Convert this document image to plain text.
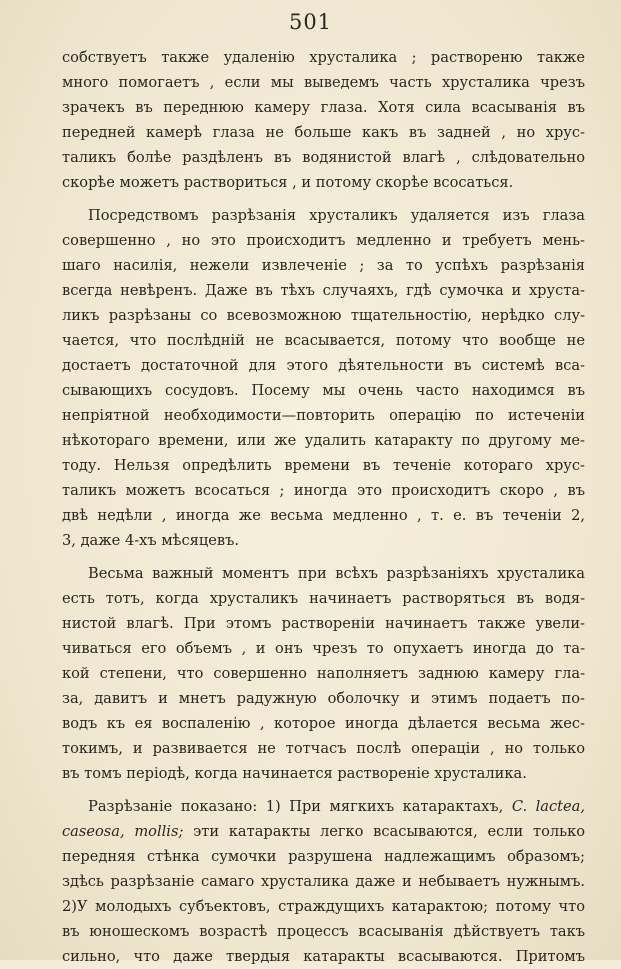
501
собствуетъ также удаленію хрусталика ; раствореню также
много помогаетъ , если мы выведемъ часть хрусталика чрезъ
зрачекъ въ переднюю камеру глаза. Хотя сила всасыванія въ
передней камерѣ глаза не больше какъ въ задней , но хрус-
таликъ болѣе раздѣленъ въ водянистой влагѣ , слѣдовательно
скорѣе можетъ раствориться , и потому скорѣе всосаться.
Посредствомъ разрѣзанія хрусталикъ удаляется изъ глаза
совершенно , но это происходитъ медленно и требуетъ мень-
шаго насилія, нежели извлеченіе ; за то успѣхъ разрѣзанія
всегда невѣренъ. Даже въ тѣхъ случаяхъ, гдѣ сумочка и хруста-
ликъ разрѣзаны со всевозможною тщательностію, нерѣдко слу-
чается, что послѣдній не всасывается, потому что вообще не
достаетъ достаточной для этого дѣятельности въ системѣ вса-
сывающихъ сосудовъ. Посему мы очень часто находимся въ
непріятной необходимости—повторить операцію по истеченіи
нѣкотораго времени, или же удалить катаракту по другому ме-
тоду. Нельзя опредѣлить времени въ теченіе котораго хрус-
таликъ можетъ всосаться ; иногда это происходитъ скоро , въ
двѣ недѣли , иногда же весьма медленно , т. е. въ теченіи 2,
3, даже 4-хъ мѣсяцевъ.
Весьма важный моментъ при всѣхъ разрѣзаніяхъ хрусталика
есть тотъ, когда хрусталикъ начинаетъ растворяться въ водя-
нистой влагѣ. При этомъ раствореніи начинаетъ также увели-
чиваться его объемъ , и онъ чрезъ то опухаетъ иногда до та-
кой степени, что совершенно наполняетъ заднюю камеру гла-
за, давитъ и мнетъ радужную оболочку и этимъ подаетъ по-
водъ къ ея воспаленію , которое иногда дѣлается весьма жес-
токимъ, и развивается не тотчасъ послѣ операціи , но только
въ томъ періодѣ, когда начинается раствореніе хрусталика.
Разрѣзаніе показано: 1) При мягкихъ катарактахъ, C. lactea,
caseosa, mollis; эти катаракты легко всасываются, если только
передняя стѣнка сумочки разрушена надлежащимъ образомъ;
здѣсь разрѣзаніе самаго хрусталика даже и небываетъ нужнымъ.
2)У молодыхъ субъектовъ, страждущихъ катарактою; потому что
въ юношескомъ возрастѣ процессъ всасыванія дѣйствуетъ такъ
сильно, что даже твердыя катаракты всасываются. Притомъ
